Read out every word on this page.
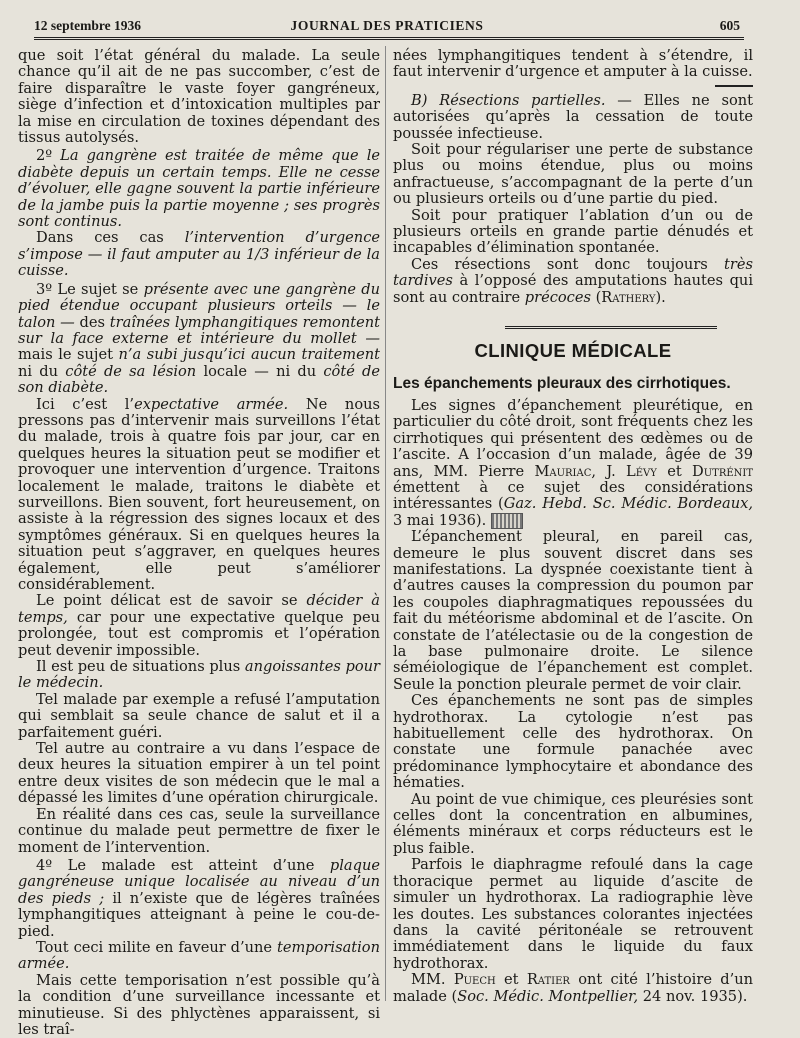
12 septembre 1936	JOURNAL DES PRATICIENS	605

que soit l’état général du malade. La seule chance qu’il ait de ne pas succomber, c’est de faire disparaître le vaste foyer gangréneux, siège d’infection et d’intoxication multiples par la mise en circulation de toxines dépendant des tissus autolysés.

2º La gangrène est traitée de même que le diabète depuis un certain temps. Elle ne cesse d’évoluer, elle gagne souvent la partie inférieure de la jambe puis la partie moyenne ; ses progrès sont continus.

Dans ces cas l’intervention d’urgence s’impose — il faut amputer au 1/3 inférieur de la cuisse.

3º Le sujet se présente avec une gangrène du pied étendue occupant plusieurs orteils — le talon — des traînées lymphangitiques remontent sur la face externe et intérieure du mollet — mais le sujet n’a subi jusqu’ici aucun traitement ni du côté de sa lésion locale — ni du côté de son diabète.

Ici c’est l’expectative armée. Ne nous pressons pas d’intervenir mais surveillons l’état du malade, trois à quatre fois par jour, car en quelques heures la situation peut se modifier et provoquer une intervention d’urgence. Traitons localement le malade, traitons le diabète et surveillons. Bien souvent, fort heureusement, on assiste à la régression des signes locaux et des symptômes généraux. Si en quelques heures la situation peut s’aggraver, en quelques heures également, elle peut s’améliorer considérablement.

Le point délicat est de savoir se décider à temps, car pour une expectative quelque peu prolongée, tout est compromis et l’opération peut devenir impossible.

Il est peu de situations plus angoissantes pour le médecin.

Tel malade par exemple a refusé l’amputation qui semblait sa seule chance de salut et il a parfaitement guéri.

Tel autre au contraire a vu dans l’espace de deux heures la situation empirer à un tel point entre deux visites de son médecin que le mal a dépassé les limites d’une opération chirurgicale.

En réalité dans ces cas, seule la surveillance continue du malade peut permettre de fixer le moment de l’intervention.

4º Le malade est atteint d’une plaque gangréneuse unique localisée au niveau d’un des pieds ; il n’existe que de légères traînées lymphangitiques atteignant à peine le cou-de-pied.

Tout ceci milite en faveur d’une temporisation armée.

Mais cette temporisation n’est possible qu’à la condition d’une surveillance incessante et minutieuse. Si des phlyctènes apparaissent, si les traî-

nées lymphangitiques tendent à s’étendre, il faut intervenir d’urgence et amputer à la cuisse.

B) Résections partielles. — Elles ne sont autorisées qu’après la cessation de toute poussée infectieuse.

Soit pour régulariser une perte de substance plus ou moins étendue, plus ou moins anfractueuse, s’accompagnant de la perte d’un ou plusieurs orteils ou d’une partie du pied.

Soit pour pratiquer l’ablation d’un ou de plusieurs orteils en grande partie dénudés et incapables d’élimination spontanée.

Ces résections sont donc toujours très tardives à l’opposé des amputations hautes qui sont au contraire précoces (Rathery).

CLINIQUE MÉDICALE
Les épanchements pleuraux des cirrhotiques.

Les signes d’épanchement pleurétique, en particulier du côté droit, sont fréquents chez les cirrhotiques qui présentent des œdèmes ou de l’ascite. A l’occasion d’un malade, âgée de 39 ans, MM. Pierre Mauriac, J. Lévy et Dutrénit émettent à ce sujet des considérations intéressantes (Gaz. Hebd. Sc. Médic. Bordeaux, 3 mai 1936).

L’épanchement pleural, en pareil cas, demeure le plus souvent discret dans ses manifestations. La dyspnée coexistante tient à d’autres causes la compression du poumon par les coupoles diaphragmatiques repoussées du fait du météorisme abdominal et de l’ascite. On constate de l’atélectasie ou de la congestion de la base pulmonaire droite. Le silence séméiologique de l’épanchement est complet. Seule la ponction pleurale permet de voir clair.

Ces épanchements ne sont pas de simples hydrothorax. La cytologie n’est pas habituellement celle des hydrothorax. On constate une formule panachée avec prédominance lymphocytaire et abondance des hématies.

Au point de vue chimique, ces pleurésies sont celles dont la concentration en albumines, éléments minéraux et corps réducteurs est le plus faible.

Parfois le diaphragme refoulé dans la cage thoracique permet au liquide d’ascite de simuler un hydrothorax. La radiographie lève les doutes. Les substances colorantes injectées dans la cavité péritonéale se retrouvent immédiatement dans le liquide du faux hydrothorax.

MM. Puech et Ratier ont cité l’histoire d’un malade (Soc. Médic. Montpellier, 24 nov. 1935).
